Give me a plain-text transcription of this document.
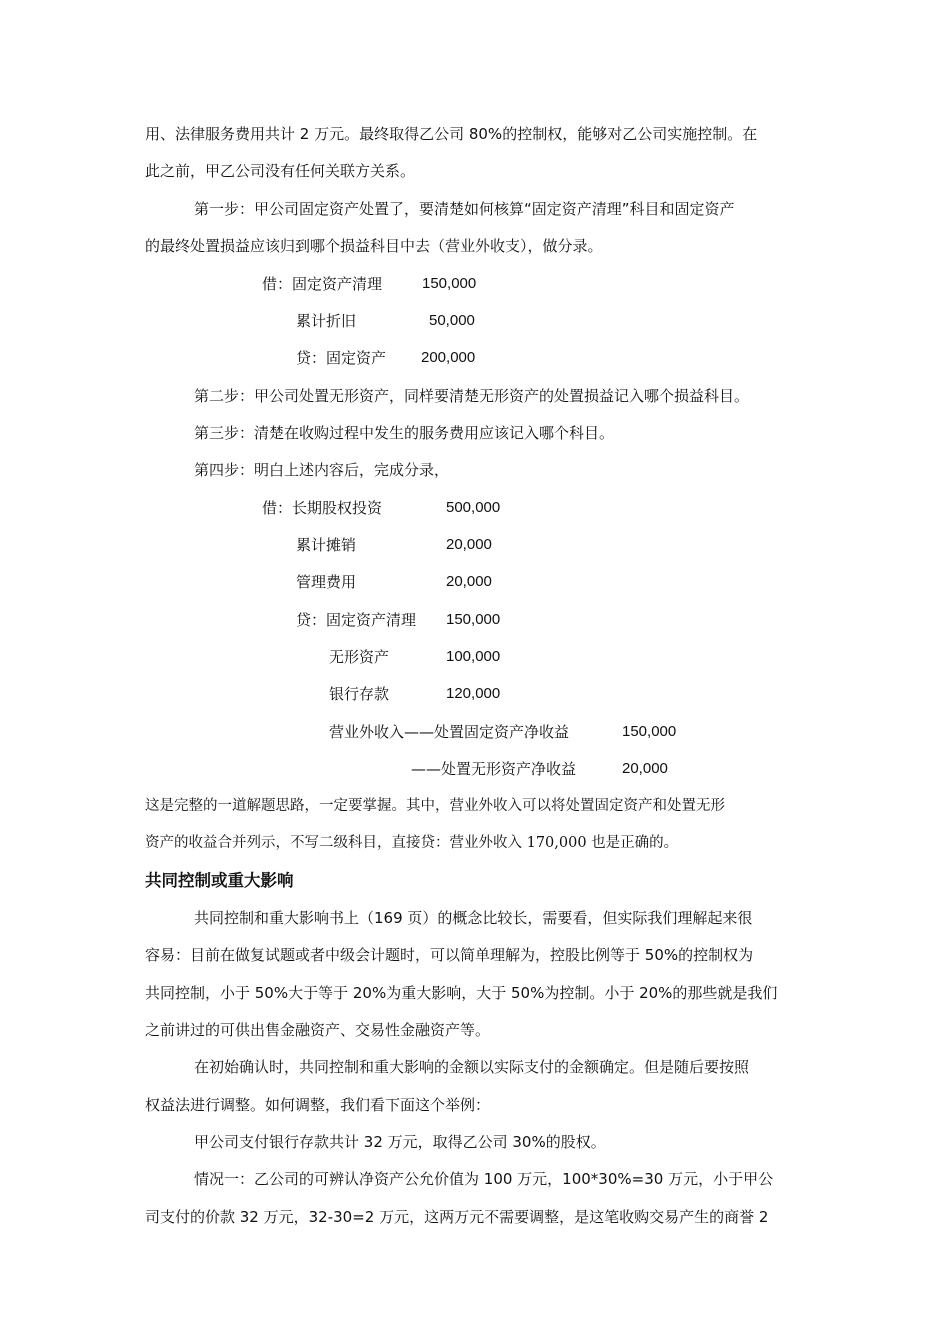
用、法律服务费用共计 2 万元。最终取得乙公司 80%的控制权，能够对乙公司实施控制。在
此之前，甲乙公司没有任何关联方关系。
第一步：甲公司固定资产处置了，要清楚如何核算“固定资产清理”科目和固定资产
的最终处置损益应该归到哪个损益科目中去（营业外收支），做分录。
借：固定资产清理	150,000
累计折旧	50,000
贷：固定资产 200,000
第二步：甲公司处置无形资产，同样要清楚无形资产的处置损益记入哪个损益科目。
第三步：清楚在收购过程中发生的服务费用应该记入哪个科目。
第四步：明白上述内容后，完成分录，
借：长期股权投资	500,000
累计摊销	20,000
管理费用	20,000
贷：固定资产清理 150,000
无形资产	100,000
银行存款	120,000
营业外收入——处置固定资产净收益	150,000
——处置无形资产净收益	20,000
这是完整的一道解题思路，一定要掌握。其中，营业外收入可以将处置固定资产和处置无形
资产的收益合并列示，不写二级科目，直接贷：营业外收入 170,000 也是正确的。
共同控制或重大影响
共同控制和重大影响书上（169 页）的概念比较长，需要看，但实际我们理解起来很
容易：目前在做复试题或者中级会计题时，可以简单理解为，控股比例等于 50%的控制权为
共同控制，小于 50%大于等于 20%为重大影响，大于 50%为控制。小于 20%的那些就是我们
之前讲过的可供出售金融资产、交易性金融资产等。
在初始确认时，共同控制和重大影响的金额以实际支付的金额确定。但是随后要按照
权益法进行调整。如何调整，我们看下面这个举例：
甲公司支付银行存款共计 32 万元，取得乙公司 30%的股权。
情况一：乙公司的可辨认净资产公允价值为 100 万元，100*30%=30 万元，小于甲公
司支付的价款 32 万元，32-30=2 万元，这两万元不需要调整，是这笔收购交易产生的商誉 2
